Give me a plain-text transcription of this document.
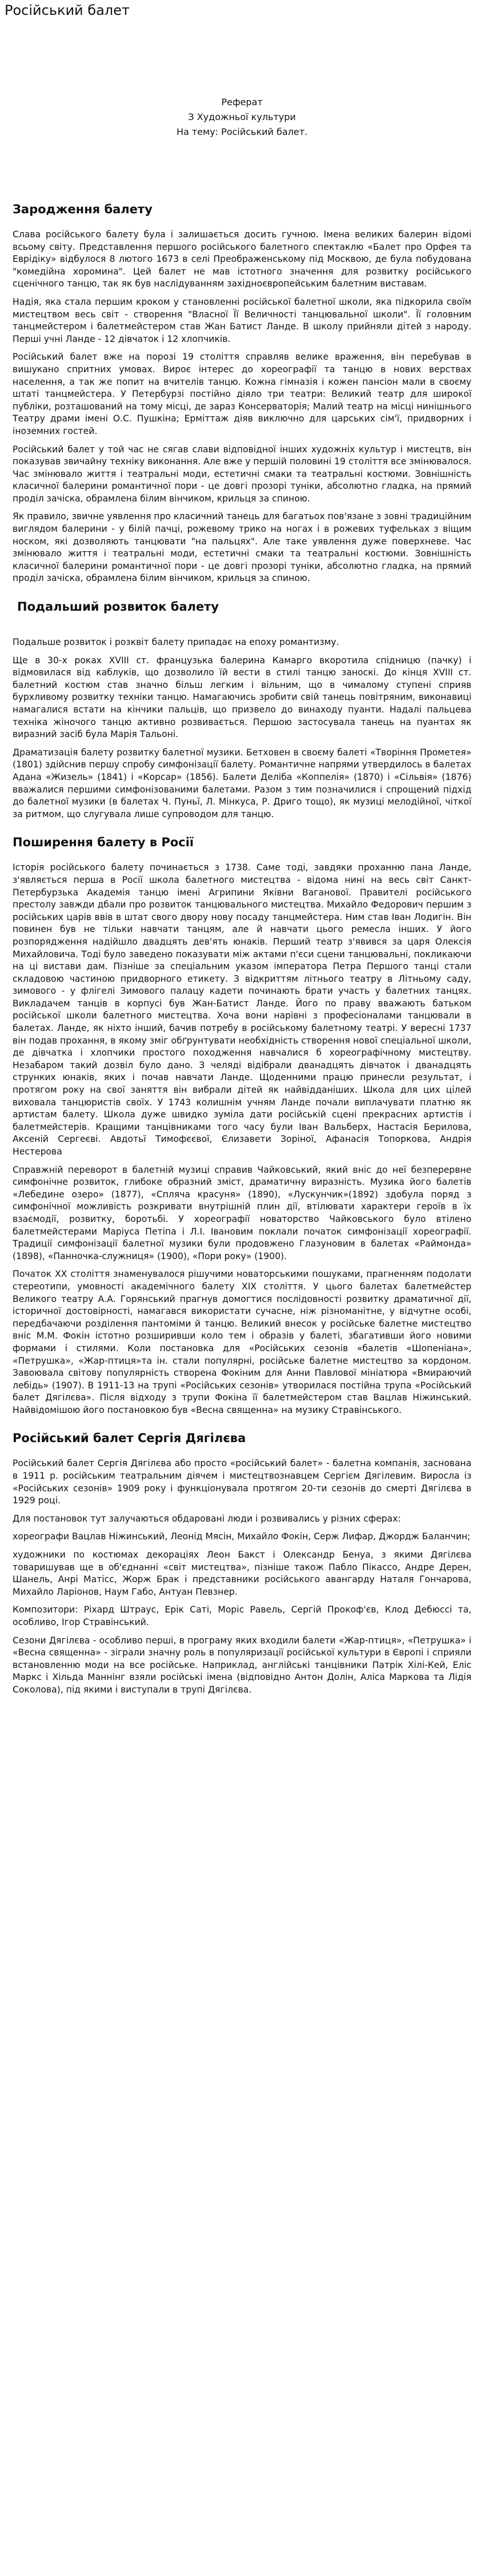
Російський балет
Реферат
З Художньої культури
На тему: Російський балет.
Зародження балету

Слава російського балету була і залишається досить гучною. Імена великих балерин відомі всьому світу. Представлення першого російського балетного спектаклю «Балет про Орфея та Еврідіку» відбулося 8 лютого 1673 в селі Преображенському під Москвою, де була побудована "комедійна хоромина". Цей балет не мав істотного значення для розвитку російського сценічного танцю, так як був наслідуванням західноєвропейським балетним виставам.

Надія, яка стала першим кроком у становленні російської балетної школи, яка підкорила своїм мистецтвом весь світ - створення "Власної Її Величності танцювальної школи". Її головним танцмейстером і балетмейстером став Жан Батист Ланде. В школу прийняли дітей з народу. Перші учні Ланде - 12 дівчаток і 12 хлопчиків.

Російський балет вже на порозі 19 століття справляв велике враження, він перебував в вишукано спритних умовах. Вироє інтерес до хореографії та танцю в нових верствах населення, а так же попит на вчителів танцю. Кожна гімназія і кожен пансіон мали в своєму штаті танцмейстера. У Петербурзі постійно діяло три театри: Великий театр для широкої публіки, розташований на тому місці, де зараз Консерваторія; Малий театр на місці нинішнього Театру драми імені О.С. Пушкіна; Ерміттаж діяв виключно для царських сім'ї, придворних і іноземних гостей.

Російський балет у той час не сягав слави відповідної інших художніх культур і мистецтв, він показував звичайну техніку виконання. Але вже у першій половині 19 століття все змінювалося. Час змінювало життя і театральні моди, естетичні смаки та театральні костюми. Зовнішність класичної балерини романтичної пори - це довгі прозорі туніки, абсолютно гладка, на прямий проділ зачіска, обрамлена білим вінчиком, крильця за спиною.

Як правило, звичне уявлення про класичний танець для багатьох пов'язане з зовні традиційним виглядом балерини - у білій пачці, рожевому трико на ногах і в рожевих туфельках з віщим носком, які дозволяють танцювати "на пальцях". Але таке уявлення дуже поверхневе. Час змінювало життя і театральні моди, естетичні смаки та театральні костюми. Зовнішність класичної балерини романтичної пори - це довгі прозорі туніки, абсолютно гладка, на прямий проділ зачіска, обрамлена білим вінчиком, крильця за спиною.

Подальший розвиток балету

Подальше розвиток і розквіт балету припадає на епоху романтизму.

Ще в 30-х роках XVIII ст. французька балерина Камарго вкоротила спідницю (пачку) і відмовилася від каблуків, що дозволило їй вести в стилі танцю заноскі. До кінця XVIII ст. балетний костюм став значно більш легким і вільним, що в чималому ступені сприяв бурхливому розвитку техніки танцю. Намагаючись зробити свій танець повітряним, виконавиці намагалися встати на кінчики пальців, що призвело до винаходу пуанти. Надалі пальцева техніка жіночого танцю активно розвивається. Першою застосувала танець на пуантах як виразний засіб була Марія Тальоні.

Драматизація балету розвитку балетної музики. Бетховен в своєму балеті «Творіння Прометея» (1801) здійснив першу спробу симфонізації балету. Романтичне напрями утвердилось в балетах Адана «Жизель» (1841) і «Корсар» (1856). Балети Деліба «Коппелія» (1870) і «Сільвія» (1876) вважалися першими симфонізованими балетами. Разом з тим позначилися і спрощений підхід до балетної музики (в балетах Ч. Пуньї, Л. Мінкуса, Р. Дриго тощо), як музиці мелодійної, чіткої за ритмом, що слугувала лише супроводом для танцю.

Поширення балету в Росії

Історія російського балету починається з 1738. Саме тоді, завдяки проханню пана Ланде, з'являється перша в Росії школа балетного мистецтва - відома нині на весь світ Санкт-Петербурзька Академія танцю імені Агрипини Яківни Ваганової. Правителі російського престолу завжди дбали про розвиток танцювального мистецтва. Михайло Федорович першим з російських царів ввів в штат свого двору нову посаду танцмейстера. Ним став Іван Лодигін. Він повинен був не тільки навчати танцям, але й навчати цього ремесла інших. У його розпорядження надійшло двадцять дев'ять юнаків. Перший театр з'явився за царя Олексія Михайловича. Тоді було заведено показувати між актами п'єси сцени танцювальні, покликаючи на ці вистави дам. Пізніше за спеціальним указом імператора Петра Першого танці стали складовою частиною придворного етикету. З відкриттям літнього театру в Літньому саду, зимового - у флігелі Зимового палацу кадети починають брати участь у балетних танцях. Викладачем танців в корпусі був Жан-Батист Ланде. Його по праву вважають батьком російської школи балетного мистецтва. Хоча вони нарівні з професіоналами танцювали в балетах. Ланде, як ніхто інший, бачив потребу в російському балетному театрі. У вересні 1737 він подав прохання, в якому зміг обґрунтувати необхідність створення нової спеціальної школи, де дівчатка і хлопчики простого походження навчалися б хореографічному мистецтву. Незабаром такий дозвіл було дано. З челяді відібрали дванадцять дівчаток і дванадцять струнких юнаків, яких і почав навчати Ланде. Щоденними працю принесли результат, і протягом року на свої заняття він вибрали дітей як найвідданіших. Школа для цих цілей виховала танцюристів своїх. У 1743 колишнім учням Ланде почали виплачувати платню як артистам балету. Школа дуже швидко зуміла дати російській сцені прекрасних артистів і балетмейстерів. Кращими танцівниками того часу були Іван Вальберх, Настасія Берилова, Аксеній Сергеєві. Авдотьї Тимофєєвої, Єлизавети Зоріної, Афанасія Топоркова, Андрія Нестерова

Справжній переворот в балетній музиці справив Чайковський, який вніс до неї безперервне симфонічне розвиток, глибоке образний зміст, драматичну виразність. Музика його балетів «Лебедине озеро» (1877), «Спляча красуня» (1890), «Лускунчик»(1892) здобула поряд з симфонічної можливість розкривати внутрішній плин дії, втілювати характери героїв в їх взаємодії, розвитку, боротьбі. У хореографії новаторство Чайковського було втілено балетмейстерами Маріуса Петіпа і Л.І. Івановим поклали початок симфонізації хореографії. Традиції симфонізації балетної музики були продовжено Глазуновим в балетах «Раймонда» (1898), «Панночка-служниця» (1900), «Пори року» (1900).

Початок XX століття знаменувалося рішучими новаторськими пошуками, прагненням подолати стереотипи, умовності академічного балету XIX століття. У цього балетах балетмейстер Великого театру А.А. Горянський прагнув домогтися послідовності розвитку драматичної дії, історичної достовірності, намагався використати сучасне, ніж різноманітне, у відчутне особі, передбачаючи розділення пантоміми й танцю. Великий внесок у російське балетне мистецтво вніс М.М. Фокін істотно розширивши коло тем і образів у балеті, збагативши його новими формами і стилями. Коли постановка для «Російських сезонів «балетів «Шопеніана», «Петрушка», «Жар-птиця»та ін. стали популярні, російське балетне мистецтво за кордоном. Завоювала світову популярність створена Фокіним для Анни Павлової мініатюра «Вмираючий лебідь» (1907). В 1911-13 на трупі «Російських сезонів» утворилася постійна трупа «Російський балет Дягілєва». Після відходу з трупи Фокіна її балетмейстером став Вацлав Ніжинський. Найвідомішою його постановкою був «Весна священна» на музику Стравінського.

Російський балет Сергія Дягілєва

Російський балет Сергія Дягілєва або просто «російський балет» - балетна компанія, заснована в 1911 р. російським театральним діячем і мистецтвознавцем Сергієм Дягілевим. Виросла із «Російських сезонів» 1909 року і функціонувала протягом 20-ти сезонів до смерті Дягілєва в 1929 році.

Для постановок тут залучаються обдаровані люди і розвивались у різних сферах:

хореографи Вацлав Ніжинський, Леонід Мясін, Михайло Фокін, Серж Лифар, Джордж Баланчин;

художники по костюмах декораціях Леон Бакст і Олександр Бенуа, з якими Дягілєва товаришував ще в об'єднанні «світ мистецтва», пізніше також Пабло Пікассо, Андре Дерен, Шанель, Анрі Матісс, Жорж Брак і представники російського авангарду Наталя Гончарова, Михайло Ларіонов, Наум Габо, Антуан Певзнер.

Композитори: Ріхард Штраус, Ерік Саті, Моріс Равель, Сергій Прокоф'єв, Клод Дебюссі та, особливо, Ігор Стравінський.

Сезони Дягілєва - особливо перші, в програму яких входили балети «Жар-птиця», «Петрушка» і «Весна священна» - зіграли значну роль в популяризації російської культури в Європі і сприяли встановленню моди на все російське. Наприклад, англійські танцівники Патрік Хілі-Кей, Еліс Маркс і Хільда Маннінг взяли російські імена (відповідно Антон Долін, Аліса Маркова та Лідія Соколова), під якими і виступали в трупі Дягілєва.
